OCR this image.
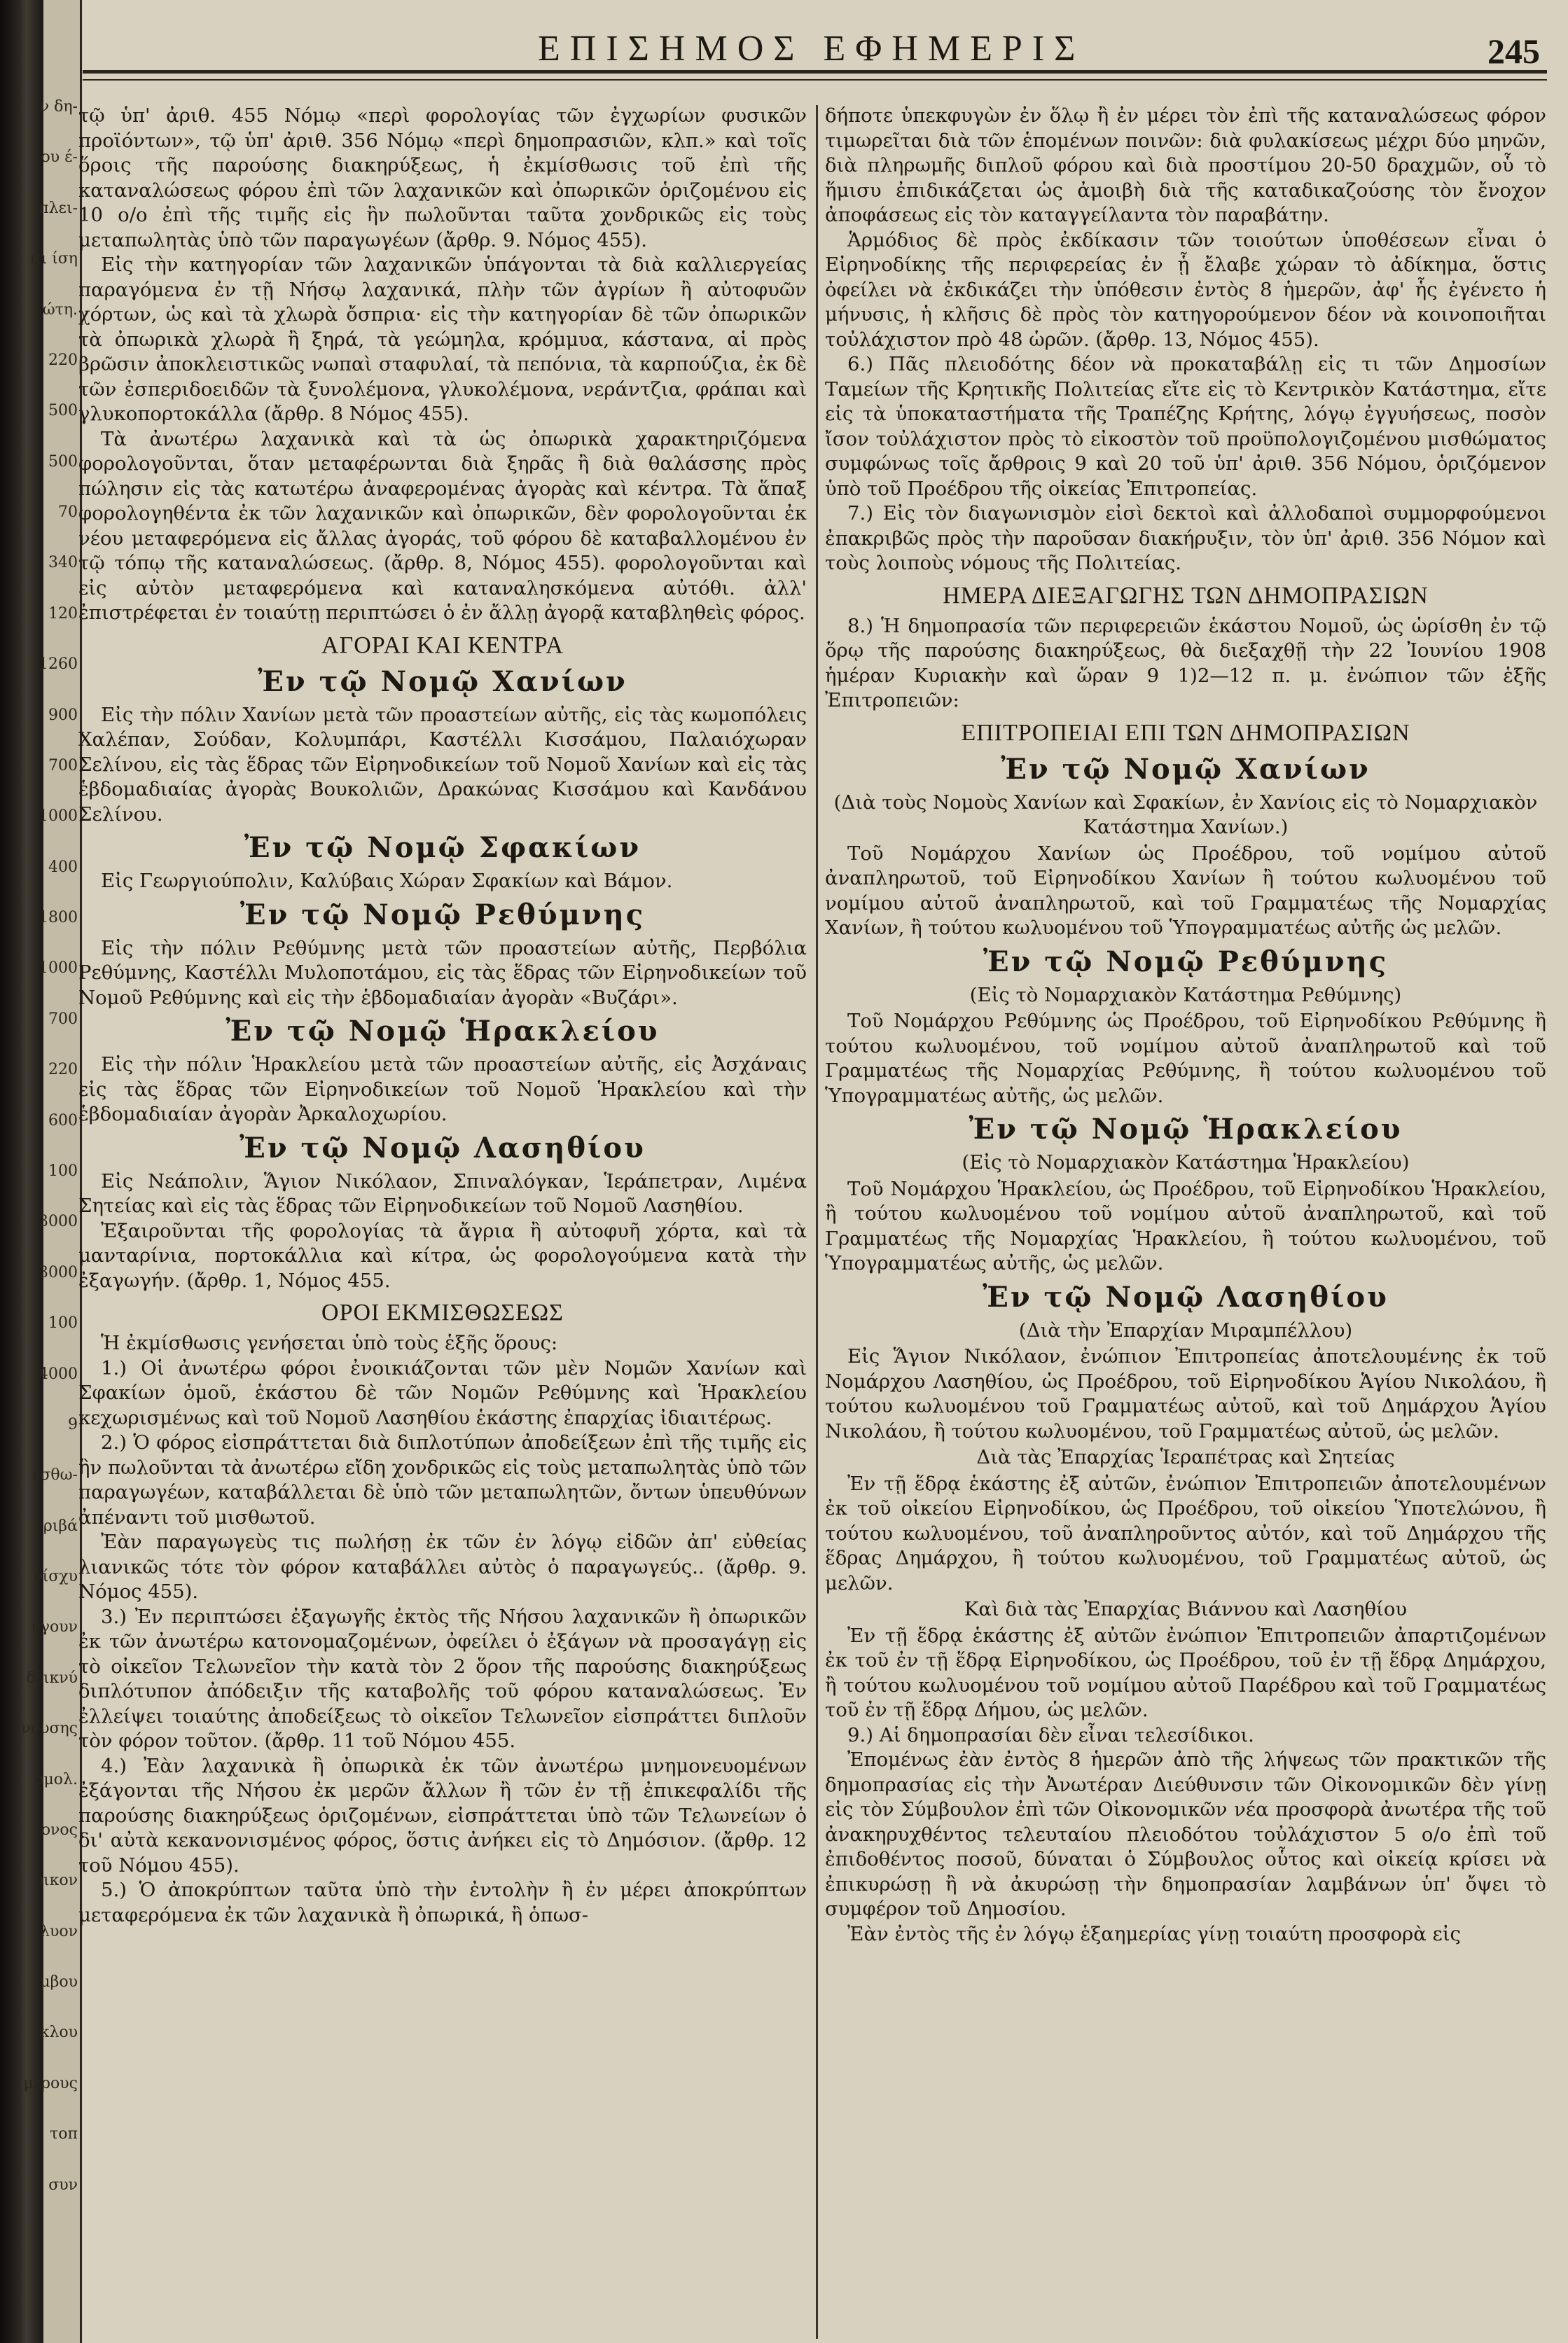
ν δη-
ου έ-
πλει-
αι ίση
ώτη.
220
500
500
70
340
120
1260
900
700
1000
400
1800
1000
700
220
600
100
3000
3000
100
4000
9
εσθω-
ριβά
νίσχυ
νγουν
δεικνύ
νουσης
ομολ.
ονος
οικον
λυον
μβου
κλου
μέρους
τοπ
συν
ΕΠΙΣΗΜΟΣ ΕΦΗΜΕΡΙΣ	245

τῷ ὑπ' ἀριθ. 455 Νόμῳ «περὶ φορολογίας τῶν ἐγχωρίων φυσικῶν προϊόντων», τῷ ὑπ' ἀριθ. 356 Νόμῳ «περὶ δημοπρασιῶν, κλπ.» καὶ τοῖς ὅροις τῆς παρούσης διακηρύξεως, ἡ ἐκμίσθωσις τοῦ ἐπὶ τῆς καταναλώσεως φόρου ἐπὶ τῶν λαχανικῶν καὶ ὀπωρικῶν ὁριζομένου εἰς 10 ο/ο ἐπὶ τῆς τιμῆς εἰς ἣν πωλοῦνται ταῦτα χονδρικῶς εἰς τοὺς μεταπωλητὰς ὑπὸ τῶν παραγωγέων (ἄρθρ. 9. Νόμος 455).

Εἰς τὴν κατηγορίαν τῶν λαχανικῶν ὑπάγονται τὰ διὰ καλλιεργείας παραγόμενα ἐν τῇ Νήσῳ λαχανικά, πλὴν τῶν ἀγρίων ἢ αὐτοφυῶν χόρτων, ὡς καὶ τὰ χλωρὰ ὄσπρια· εἰς τὴν κατηγορίαν δὲ τῶν ὀπωρικῶν τὰ ὀπωρικὰ χλωρὰ ἢ ξηρά, τὰ γεώμηλα, κρόμμυα, κάστανα, αἱ πρὸς βρῶσιν ἀποκλειστικῶς νωπαὶ σταφυλαί, τὰ πεπόνια, τὰ καρπούζια, ἐκ δὲ τῶν ἐσπεριδοειδῶν τὰ ξυνολέμονα, γλυκολέμονα, νεράντζια, φράπαι καὶ γλυκοπορτοκάλλα (ἄρθρ. 8 Νόμος 455).

Τὰ ἀνωτέρω λαχανικὰ καὶ τὰ ὡς ὀπωρικὰ χαρακτηριζόμενα φορολογοῦνται, ὅταν μεταφέρωνται διὰ ξηρᾶς ἢ διὰ θαλάσσης πρὸς πώλησιν εἰς τὰς κατωτέρω ἀναφερομένας ἀγορὰς καὶ κέντρα. Τὰ ἅπαξ φορολογηθέντα ἐκ τῶν λαχανικῶν καὶ ὀπωρικῶν, δὲν φορολογοῦνται ἐκ νέου μεταφερόμενα εἰς ἄλλας ἀγοράς, τοῦ φόρου δὲ καταβαλλομένου ἐν τῷ τόπῳ τῆς καταναλώσεως. (ἄρθρ. 8, Νόμος 455). φορολογοῦνται καὶ εἰς αὐτὸν μεταφερόμενα καὶ καταναλησκόμενα αὐτόθι. ἀλλ' ἐπιστρέφεται ἐν τοιαύτῃ περιπτώσει ὁ ἐν ἄλλῃ ἀγορᾷ καταβληθεὶς φόρος.

ΑΓΟΡΑΙ ΚΑΙ ΚΕΝΤΡΑ
Ἐν τῷ Νομῷ Χανίων

Εἰς τὴν πόλιν Χανίων μετὰ τῶν προαστείων αὐτῆς, εἰς τὰς κωμοπόλεις Χαλέπαν, Σούδαν, Κολυμπάρι, Καστέλλι Κισσάμου, Παλαιόχωραν Σελίνου, εἰς τὰς ἕδρας τῶν Εἰρηνοδικείων τοῦ Νομοῦ Χανίων καὶ εἰς τὰς ἑβδομαδιαίας ἀγορὰς Βουκολιῶν, Δρακώνας Κισσάμου καὶ Κανδάνου Σελίνου.

Ἐν τῷ Νομῷ Σφακίων

Εἰς Γεωργιούπολιν, Καλύβαις Χώραν Σφακίων καὶ Βάμον.

Ἐν τῷ Νομῷ Ρεθύμνης

Εἰς τὴν πόλιν Ρεθύμνης μετὰ τῶν προαστείων αὐτῆς, Περβόλια Ρεθύμνης, Καστέλλι Μυλοποτάμου, εἰς τὰς ἕδρας τῶν Εἰρηνοδικείων τοῦ Νομοῦ Ρεθύμνης καὶ εἰς τὴν ἑβδομαδιαίαν ἀγορὰν «Βυζάρι».

Ἐν τῷ Νομῷ Ἡρακλείου

Εἰς τὴν πόλιν Ἡρακλείου μετὰ τῶν προαστείων αὐτῆς, εἰς Ἀσχάναις εἰς τὰς ἕδρας τῶν Εἰρηνοδικείων τοῦ Νομοῦ Ἡρακλείου καὶ τὴν ἑβδομαδιαίαν ἀγορὰν Ἀρκαλοχωρίου.

Ἐν τῷ Νομῷ Λασηθίου

Εἰς Νεάπολιν, Ἅγιον Νικόλαον, Σπιναλόγκαν, Ἱεράπετραν, Λιμένα Σητείας καὶ εἰς τὰς ἕδρας τῶν Εἰρηνοδικείων τοῦ Νομοῦ Λασηθίου.

Ἐξαιροῦνται τῆς φορολογίας τὰ ἄγρια ἢ αὐτοφυῆ χόρτα, καὶ τὰ μανταρίνια, πορτοκάλλια καὶ κίτρα, ὡς φορολογούμενα κατὰ τὴν ἐξαγωγήν. (ἄρθρ. 1, Νόμος 455.

ΟΡΟΙ ΕΚΜΙΣΘΩΣΕΩΣ

Ἡ ἐκμίσθωσις γενήσεται ὑπὸ τοὺς ἑξῆς ὅρους:

1.) Οἱ ἀνωτέρω φόροι ἐνοικιάζονται τῶν μὲν Νομῶν Χανίων καὶ Σφακίων ὁμοῦ, ἑκάστου δὲ τῶν Νομῶν Ρεθύμνης καὶ Ἡρακλείου κεχωρισμένως καὶ τοῦ Νομοῦ Λασηθίου ἑκάστης ἐπαρχίας ἰδιαιτέρως.

2.) Ὁ φόρος εἰσπράττεται διὰ διπλοτύπων ἀποδείξεων ἐπὶ τῆς τιμῆς εἰς ἣν πωλοῦνται τὰ ἀνωτέρω εἴδη χονδρικῶς εἰς τοὺς μεταπωλητὰς ὑπὸ τῶν παραγωγέων, καταβάλλεται δὲ ὑπὸ τῶν μεταπωλητῶν, ὄντων ὑπευθύνων ἀπέναντι τοῦ μισθωτοῦ.

Ἐὰν παραγωγεὺς τις πωλήσῃ ἐκ τῶν ἐν λόγῳ εἰδῶν ἀπ' εὐθείας λιανικῶς τότε τὸν φόρον καταβάλλει αὐτὸς ὁ παραγωγεύς.. (ἄρθρ. 9. Νόμος 455).

3.) Ἐν περιπτώσει ἐξαγωγῆς ἐκτὸς τῆς Νήσου λαχανικῶν ἢ ὀπωρικῶν ἐκ τῶν ἀνωτέρω κατονομαζομένων, ὀφείλει ὁ ἐξάγων νὰ προσαγάγῃ εἰς τὸ οἰκεῖον Τελωνεῖον τὴν κατὰ τὸν 2 ὅρον τῆς παρούσης διακηρύξεως διπλότυπον ἀπόδειξιν τῆς καταβολῆς τοῦ φόρου καταναλώσεως. Ἐν ἐλλείψει τοιαύτης ἀποδείξεως τὸ οἰκεῖον Τελωνεῖον εἰσπράττει διπλοῦν τὸν φόρον τοῦτον. (ἄρθρ. 11 τοῦ Νόμου 455.

4.) Ἐὰν λαχανικὰ ἢ ὀπωρικὰ ἐκ τῶν ἀνωτέρω μνημονευομένων ἐξάγονται τῆς Νήσου ἐκ μερῶν ἄλλων ἢ τῶν ἐν τῇ ἐπικεφαλίδι τῆς παρούσης διακηρύξεως ὁριζομένων, εἰσπράττεται ὑπὸ τῶν Τελωνείων ὁ δι' αὐτὰ κεκανονισμένος φόρος, ὅστις ἀνήκει εἰς τὸ Δημόσιον. (ἄρθρ. 12 τοῦ Νόμου 455).

5.) Ὁ ἀποκρύπτων ταῦτα ὑπὸ τὴν ἐντολὴν ἢ ἐν μέρει ἀποκρύπτων μεταφερόμενα ἐκ τῶν λαχανικὰ ἢ ὀπωρικά, ἢ ὁπωσ-

δήποτε ὑπεκφυγὼν ἐν ὅλῳ ἢ ἐν μέρει τὸν ἐπὶ τῆς καταναλώσεως φόρον τιμωρεῖται διὰ τῶν ἑπομένων ποινῶν: διὰ φυλακίσεως μέχρι δύο μηνῶν, διὰ πληρωμῆς διπλοῦ φόρου καὶ διὰ προστίμου 20-50 δραχμῶν, οὗ τὸ ἥμισυ ἐπιδικάζεται ὡς ἀμοιβὴ διὰ τῆς καταδικαζούσης τὸν ἔνοχον ἀποφάσεως εἰς τὸν καταγγείλαντα τὸν παραβάτην.

Ἁρμόδιος δὲ πρὸς ἐκδίκασιν τῶν τοιούτων ὑποθέσεων εἶναι ὁ Εἰρηνοδίκης τῆς περιφερείας ἐν ᾗ ἔλαβε χώραν τὸ ἀδίκημα, ὅστις ὀφείλει νὰ ἐκδικάζει τὴν ὑπόθεσιν ἐντὸς 8 ἡμερῶν, ἀφ' ἧς ἐγένετο ἡ μήνυσις, ἡ κλῆσις δὲ πρὸς τὸν κατηγορούμενον δέον νὰ κοινοποιῆται τοὐλάχιστον πρὸ 48 ὡρῶν. (ἄρθρ. 13, Νόμος 455).

6.) Πᾶς πλειοδότης δέον νὰ προκαταβάλῃ εἰς τι τῶν Δημοσίων Ταμείων τῆς Κρητικῆς Πολιτείας εἴτε εἰς τὸ Κεντρικὸν Κατάστημα, εἴτε εἰς τὰ ὑποκαταστήματα τῆς Τραπέζης Κρήτης, λόγῳ ἐγγυήσεως, ποσὸν ἴσον τοὐλάχιστον πρὸς τὸ εἰκοστὸν τοῦ προϋπολογιζομένου μισθώματος συμφώνως τοῖς ἄρθροις 9 καὶ 20 τοῦ ὑπ' ἀριθ. 356 Νόμου, ὁριζόμενον ὑπὸ τοῦ Προέδρου τῆς οἰκείας Ἐπιτροπείας.

7.) Εἰς τὸν διαγωνισμὸν εἰσὶ δεκτοὶ καὶ ἀλλοδαποὶ συμμορφούμενοι ἐπακριβῶς πρὸς τὴν παροῦσαν διακήρυξιν, τὸν ὑπ' ἀριθ. 356 Νόμον καὶ τοὺς λοιποὺς νόμους τῆς Πολιτείας.

ΗΜΕΡΑ ΔΙΕΞΑΓΩΓΗΣ ΤΩΝ ΔΗΜΟΠΡΑΣΙΩΝ

8.) Ἡ δημοπρασία τῶν περιφερειῶν ἑκάστου Νομοῦ, ὡς ὡρίσθη ἐν τῷ ὅρῳ τῆς παρούσης διακηρύξεως, θὰ διεξαχθῇ τὴν 22 Ἰουνίου 1908 ἡμέραν Κυριακὴν καὶ ὥραν 9 1)2—12 π. μ. ἐνώπιον τῶν ἑξῆς Ἐπιτροπειῶν:

ΕΠΙΤΡΟΠΕΙΑΙ ΕΠΙ ΤΩΝ ΔΗΜΟΠΡΑΣΙΩΝ
Ἐν τῷ Νομῷ Χανίων
(Διὰ τοὺς Νομοὺς Χανίων καὶ Σφακίων, ἐν Χανίοις εἰς τὸ Νομαρχιακὸν Κατάστημα Χανίων.)

Τοῦ Νομάρχου Χανίων ὡς Προέδρου, τοῦ νομίμου αὐτοῦ ἀναπληρωτοῦ, τοῦ Εἰρηνοδίκου Χανίων ἢ τούτου κωλυομένου τοῦ νομίμου αὐτοῦ ἀναπληρωτοῦ, καὶ τοῦ Γραμματέως τῆς Νομαρχίας Χανίων, ἢ τούτου κωλυομένου τοῦ Ὑπογραμματέως αὐτῆς ὡς μελῶν.

Ἐν τῷ Νομῷ Ρεθύμνης
(Εἰς τὸ Νομαρχιακὸν Κατάστημα Ρεθύμνης)

Τοῦ Νομάρχου Ρεθύμνης ὡς Προέδρου, τοῦ Εἰρηνοδίκου Ρεθύμνης ἢ τούτου κωλυομένου, τοῦ νομίμου αὐτοῦ ἀναπληρωτοῦ καὶ τοῦ Γραμματέως τῆς Νομαρχίας Ρεθύμνης, ἢ τούτου κωλυομένου τοῦ Ὑπογραμματέως αὐτῆς, ὡς μελῶν.

Ἐν τῷ Νομῷ Ἡρακλείου
(Εἰς τὸ Νομαρχιακὸν Κατάστημα Ἡρακλείου)

Τοῦ Νομάρχου Ἡρακλείου, ὡς Προέδρου, τοῦ Εἰρηνοδίκου Ἡρακλείου, ἢ τούτου κωλυομένου τοῦ νομίμου αὐτοῦ ἀναπληρωτοῦ, καὶ τοῦ Γραμματέως τῆς Νομαρχίας Ἡρακλείου, ἢ τούτου κωλυομένου, τοῦ Ὑπογραμματέως αὐτῆς, ὡς μελῶν.

Ἐν τῷ Νομῷ Λασηθίου
(Διὰ τὴν Ἐπαρχίαν Μιραμπέλλου)

Εἰς Ἅγιον Νικόλαον, ἐνώπιον Ἐπιτροπείας ἀποτελουμένης ἐκ τοῦ Νομάρχου Λασηθίου, ὡς Προέδρου, τοῦ Εἰρηνοδίκου Ἁγίου Νικολάου, ἢ τούτου κωλυομένου τοῦ Γραμματέως αὐτοῦ, καὶ τοῦ Δημάρχου Ἁγίου Νικολάου, ἢ τούτου κωλυομένου, τοῦ Γραμματέως αὐτοῦ, ὡς μελῶν.

Διὰ τὰς Ἐπαρχίας Ἱεραπέτρας καὶ Σητείας

Ἐν τῇ ἕδρᾳ ἑκάστης ἐξ αὐτῶν, ἐνώπιον Ἐπιτροπειῶν ἀποτελουμένων ἐκ τοῦ οἰκείου Εἰρηνοδίκου, ὡς Προέδρου, τοῦ οἰκείου Ὑποτελώνου, ἢ τούτου κωλυομένου, τοῦ ἀναπληροῦντος αὐτόν, καὶ τοῦ Δημάρχου τῆς ἕδρας Δημάρχου, ἢ τούτου κωλυομένου, τοῦ Γραμματέως αὐτοῦ, ὡς μελῶν.

Καὶ διὰ τὰς Ἐπαρχίας Βιάννου καὶ Λασηθίου

Ἐν τῇ ἕδρᾳ ἑκάστης ἐξ αὐτῶν ἐνώπιον Ἐπιτροπειῶν ἀπαρτιζομένων ἐκ τοῦ ἐν τῇ ἕδρᾳ Εἰρηνοδίκου, ὡς Προέδρου, τοῦ ἐν τῇ ἕδρᾳ Δημάρχου, ἢ τούτου κωλυομένου τοῦ νομίμου αὐτοῦ Παρέδρου καὶ τοῦ Γραμματέως τοῦ ἐν τῇ ἕδρᾳ Δήμου, ὡς μελῶν.

9.) Αἱ δημοπρασίαι δὲν εἶναι τελεσίδικοι.

Ἐπομένως ἐὰν ἐντὸς 8 ἡμερῶν ἀπὸ τῆς λήψεως τῶν πρακτικῶν τῆς δημοπρασίας εἰς τὴν Ἀνωτέραν Διεύθυνσιν τῶν Οἰκονομικῶν δὲν γίνῃ εἰς τὸν Σύμβουλον ἐπὶ τῶν Οἰκονομικῶν νέα προσφορὰ ἀνωτέρα τῆς τοῦ ἀνακηρυχθέντος τελευταίου πλειοδότου τοὐλάχιστον 5 ο/ο ἐπὶ τοῦ ἐπιδοθέντος ποσοῦ, δύναται ὁ Σύμβουλος οὗτος καὶ οἰκείᾳ κρίσει νὰ ἐπικυρώσῃ ἢ νὰ ἀκυρώσῃ τὴν δημοπρασίαν λαμβάνων ὑπ' ὄψει τὸ συμφέρον τοῦ Δημοσίου.

Ἐὰν ἐντὸς τῆς ἐν λόγῳ ἑξαημερίας γίνῃ τοιαύτη προσφορὰ εἰς
